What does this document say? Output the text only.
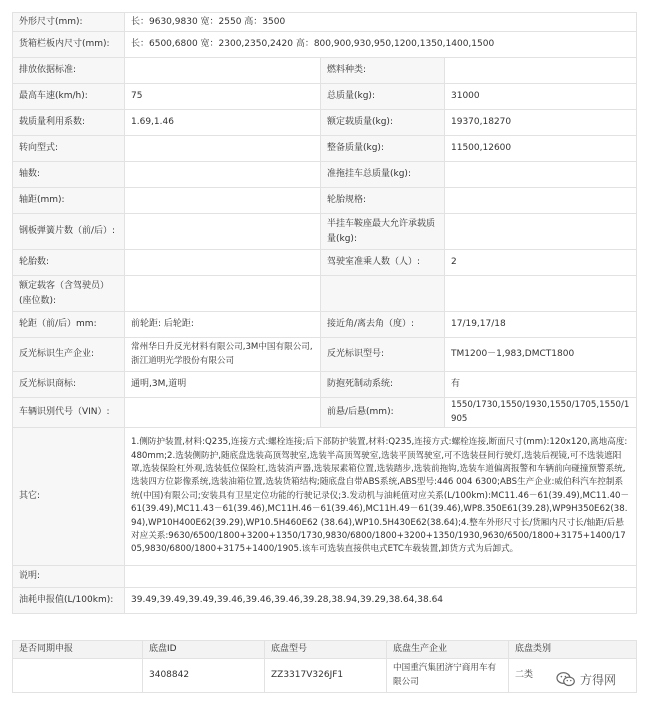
外形尺寸(mm):	长：9630,9830 宽：2550 高：3500		
货箱栏板内尺寸(mm):	长：6500,6800 宽：2300,2350,2420 高：800,900,930,950,1200,1350,1400,1500		
排放依据标准:		燃料种类:	
最高车速(km/h):	75	总质量(kg):	31000
载质量利用系数:	1.69,1.46	额定载质量(kg):	19370,18270
转向型式:		整备质量(kg):	11500,12600
轴数:		准拖挂车总质量(kg):	
轴距(mm):		轮胎规格:	
钢板弹簧片数（前/后）:		半挂车鞍座最大允许承载质量(kg):	
轮胎数:		驾驶室准乘人数（人）:	2
额定载客（含驾驶员）(座位数):			
轮距（前/后）mm:	前轮距: 后轮距:	接近角/离去角（度）:	17/19,17/18
反光标识生产企业:	常州华日升反光材料有限公司,3M中国有限公司,浙江道明光学股份有限公司	反光标识型号:	TM1200－1,983,DMCT1800
反光标识商标:	通明,3M,道明	防抱死制动系统:	有
车辆识别代号（VIN）:		前悬/后悬(mm):	1550/1730,1550/1930,1550/1705,1550/1905
其它:	1.侧防护装置,材料:Q235,连接方式:螺栓连接;后下部防护装置,材料:Q235,连接方式:螺栓连接,断面尺寸(mm):120x120,离地高度:480mm;2.选装侧防护,随底盘选装高顶驾驶室,选装半高顶驾驶室,选装平顶驾驶室,可不选装昼间行驶灯,选装后视镜,可不选装遮阳罩,选装保险杠外观,选装低位保险杠,选装消声器,选装尿素箱位置,选装踏步,选装前拖钩,选装车道偏离报警和车辆前向碰撞预警系统,选装四方位影像系统,选装油箱位置,选装货箱结构;随底盘自带ABS系统,ABS型号:446 004 6300;ABS生产企业:威伯科汽车控制系统(中国)有限公司;安装具有卫星定位功能的行驶记录仪;3.发动机与油耗值对应关系(L/100km):MC11.46－61(39.49),MC11.40－61(39.49),MC11.43－61(39.46),MC11H.46－61(39.46),MC11H.49－61(39.46),WP8.350E61(39.28),WP9H350E62(38.94),WP10H400E62(39.29),WP10.5H460E62 (38.64),WP10.5H430E62(38.64);4.整车外形尺寸长/货厢内尺寸长/轴距/后悬对应关系:9630/6500/1800+3200+1350/1730,9830/6800/1800+3200+1350/1930,9630/6500/1800+3175+1400/1705,9830/6800/1800+3175+1400/1905.该车可选装直接供电式ETC车载装置,卸货方式为后卸式。		
说明:			
油耗申报值(L/100km):	39.49,39.49,39.49,39.46,39.46,39.46,39.28,38.94,39.29,38.64,38.64		
是否同期申报	底盘ID	底盘型号	底盘生产企业	底盘类别
	3408842	ZZ3317V326JF1	中国重汽集团济宁商用车有限公司	二类	方得网
